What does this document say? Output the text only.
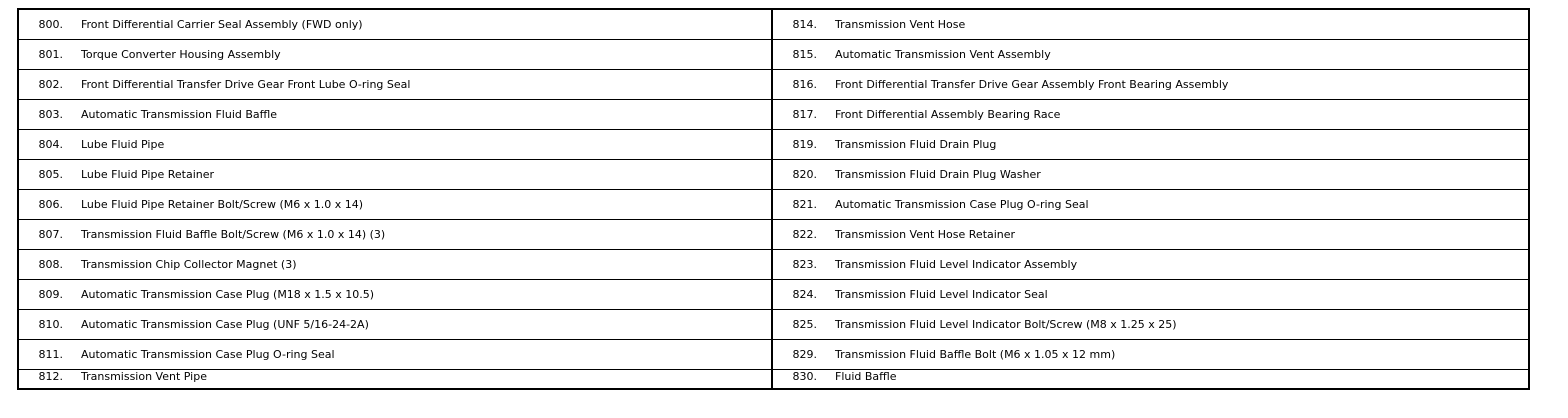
800. Front Differential Carrier Seal Assembly (FWD only)	814. Transmission Vent Hose
801. Torque Converter Housing Assembly	815. Automatic Transmission Vent Assembly
802. Front Differential Transfer Drive Gear Front Lube O-ring Seal	816. Front Differential Transfer Drive Gear Assembly Front Bearing Assembly
803. Automatic Transmission Fluid Baffle	817. Front Differential Assembly Bearing Race
804. Lube Fluid Pipe	819. Transmission Fluid Drain Plug
805. Lube Fluid Pipe Retainer	820. Transmission Fluid Drain Plug Washer
806. Lube Fluid Pipe Retainer Bolt/Screw (M6 x 1.0 x 14)	821. Automatic Transmission Case Plug O-ring Seal
807. Transmission Fluid Baffle Bolt/Screw (M6 x 1.0 x 14) (3)	822. Transmission Vent Hose Retainer
808. Transmission Chip Collector Magnet (3)	823. Transmission Fluid Level Indicator Assembly
809. Automatic Transmission Case Plug (M18 x 1.5 x 10.5)	824. Transmission Fluid Level Indicator Seal
810. Automatic Transmission Case Plug (UNF 5/16-24-2A)	825. Transmission Fluid Level Indicator Bolt/Screw (M8 x 1.25 x 25)
811. Automatic Transmission Case Plug O-ring Seal	829. Transmission Fluid Baffle Bolt (M6 x 1.05 x 12 mm)
812. Transmission Vent Pipe	830. Fluid Baffle
